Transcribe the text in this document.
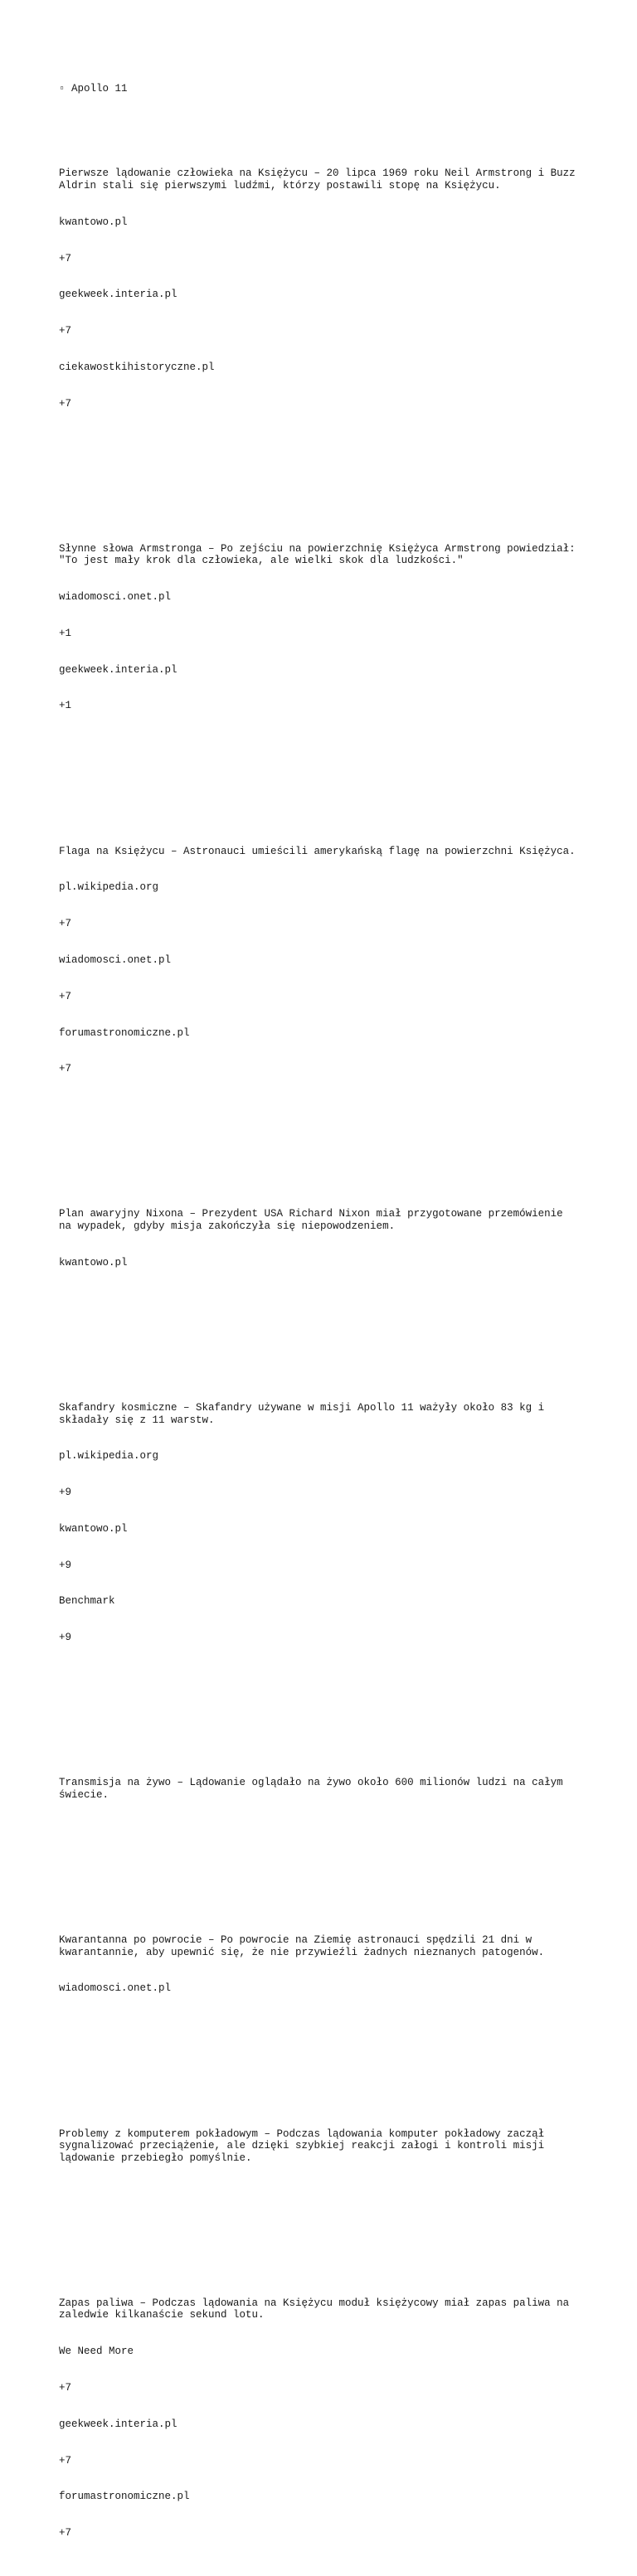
▫ Apollo 11

Pierwsze lądowanie człowieka na Księżycu – 20 lipca 1969 roku Neil Armstrong i Buzz
Aldrin stali się pierwszymi ludźmi, którzy postawili stopę na Księżycu.

kwantowo.pl

+7

geekweek.interia.pl

+7

ciekawostkihistoryczne.pl

+7

Słynne słowa Armstronga – Po zejściu na powierzchnię Księżyca Armstrong powiedział:
"To jest mały krok dla człowieka, ale wielki skok dla ludzkości."

wiadomosci.onet.pl

+1

geekweek.interia.pl

+1

Flaga na Księżycu – Astronauci umieścili amerykańską flagę na powierzchni Księżyca.

pl.wikipedia.org

+7

wiadomosci.onet.pl

+7

forumastronomiczne.pl

+7

Plan awaryjny Nixona – Prezydent USA Richard Nixon miał przygotowane przemówienie
na wypadek, gdyby misja zakończyła się niepowodzeniem.

kwantowo.pl

Skafandry kosmiczne – Skafandry używane w misji Apollo 11 ważyły około 83 kg i
składały się z 11 warstw.

pl.wikipedia.org

+9

kwantowo.pl

+9

Benchmark

+9

Transmisja na żywo – Lądowanie oglądało na żywo około 600 milionów ludzi na całym
świecie.

Kwarantanna po powrocie – Po powrocie na Ziemię astronauci spędzili 21 dni w
kwarantannie, aby upewnić się, że nie przywieźli żadnych nieznanych patogenów.

wiadomosci.onet.pl

Problemy z komputerem pokładowym – Podczas lądowania komputer pokładowy zaczął
sygnalizować przeciążenie, ale dzięki szybkiej reakcji załogi i kontroli misji
lądowanie przebiegło pomyślnie.

Zapas paliwa – Podczas lądowania na Księżycu moduł księżycowy miał zapas paliwa na
zaledwie kilkanaście sekund lotu.

We Need More

+7

geekweek.interia.pl

+7

forumastronomiczne.pl

+7
